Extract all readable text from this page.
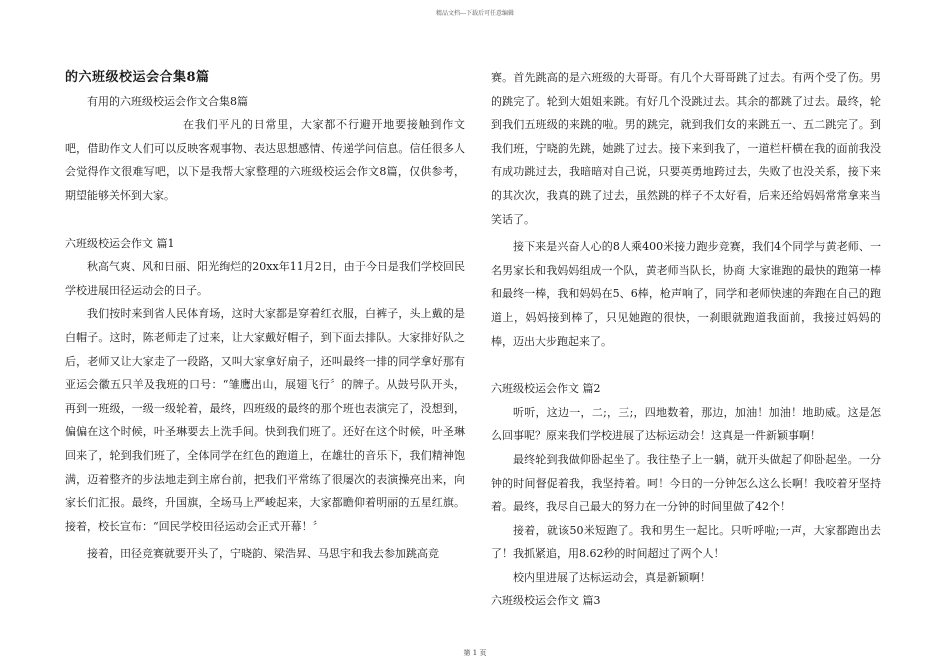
精品文档---下载后可任意编辑

的六班级校运会合集8篇

有用的六班级校运会作文合集8篇

在我们平凡的日常里，大家都不行避开地要接触到作文吧，借助作文人们可以反映客观事物、表达思想感情、传递学问信息。信任很多人会觉得作文很难写吧，以下是我帮大家整理的六班级校运会作文8篇，仅供参考，期望能够关怀到大家。

六班级校运会作文 篇1

秋高气爽、风和日丽、阳光绚烂的20xx年11月2日，由于今日是我们学校回民学校进展田径运动会的日子。

我们按时来到省人民体育场，这时大家都是穿着红衣服，白裤子，头上戴的是白帽子。这时，陈老师走了过来，让大家戴好帽子，到下面去排队。大家排好队之后，老师又让大家走了一段路，又叫大家拿好扇子，还叫最终一排的同学拿好那有亚运会徽五只羊及我班的口号：“雏鹰出山，展翅飞行〞的牌子。从鼓号队开头，再到一班级，一级一级轮着，最终，四班级的最终的那个班也表演完了，没想到，偏偏在这个时候，叶圣琳要去上洗手间。快到我们班了。还好在这个时候，叶圣琳回来了，轮到我们班了，全体同学在红色的跑道上，在雄壮的音乐下，我们精神饱满，迈着整齐的步法地走到主席台前，把我们平常练了很屡次的表演操亮出来，向家长们汇报。最终，升国旗，全场马上严峻起来，大家都瞻仰着明丽的五星红旗。接着，校长宣布：“回民学校田径运动会正式开幕！〞

接着，田径竞赛就要开头了，宁晓韵、梁浩昇、马思宇和我去参加跳高竞

赛。首先跳高的是六班级的大哥哥。有几个大哥哥跳了过去。有两个受了伤。男的跳完了。轮到大姐姐来跳。有好几个没跳过去。其余的都跳了过去。最终，轮到我们五班级的来跳的啦。男的跳完，就到我们女的来跳五一、五二跳完了。到我们班，宁晓韵先跳，她跳了过去。接下来到我了，一道栏杆横在我的面前我没有成功跳过去，我暗暗对自己说，只要英勇地跨过去，失败了也没关系，接下来的其次次，我真的跳了过去，虽然跳的样子不太好看，后来还给妈妈常常拿来当笑话了。

接下来是兴奋人心的8人乘400米接力跑步竞赛，我们4个同学与黄老师、一名男家长和我妈妈组成一个队，黄老师当队长，协商 大家谁跑的最快的跑第一棒和最终一棒，我和妈妈在5、6棒，枪声响了，同学和老师快速的奔跑在自己的跑道上，妈妈接到棒了，只见她跑的很快，一刹眼就跑道我面前，我接过妈妈的棒，迈出大步跑起来了。

六班级校运会作文 篇2

听听，这边一，二;，三;，四地数着，那边，加油！加油！地助威。这是怎么回事呢？原来我们学校进展了达标运动会！这真是一件新颖事啊！

最终轮到我做仰卧起坐了。我往垫子上一躺，就开头做起了仰卧起坐。一分钟的时间督促着我，我坚持着。呵！今日的一分钟怎么这么长啊！我咬着牙坚持着。最终，我尽自己最大的努力在一分钟的时间里做了42个！

接着，就该50米短跑了。我和男生一起比。只听呼啦;一声，大家都跑出去了！我抓紧追，用8.62秒的时间超过了两个人！

校内里进展了达标运动会，真是新颖啊！

六班级校运会作文 篇3

第 1 页
